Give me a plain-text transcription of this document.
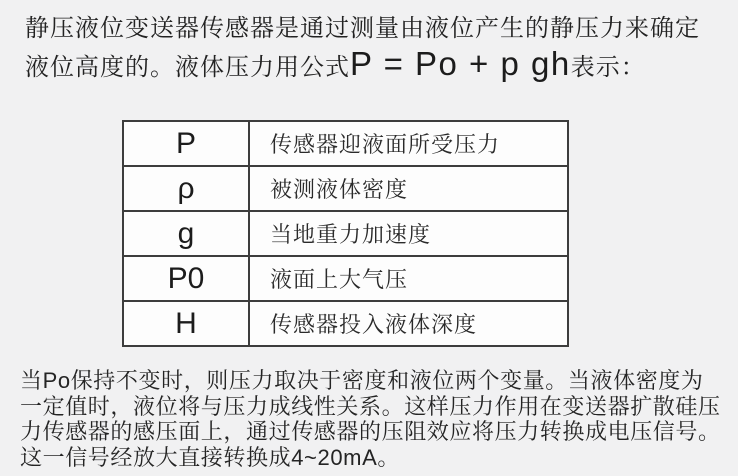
静压液位变送器传感器是通过测量由液位产生的静压力来确定
液位高度的。液体压力用公式 P = Po + p gh 表示：
P	传感器迎液面所受压力
ρ	被测液体密度
g	当地重力加速度
P0	液面上大气压
H	传感器投入液体深度
当Po保持不变时，则压力取决于密度和液位两个变量。当液体密度为
一定值时，液位将与压力成线性关系。这样压力作用在变送器扩散硅压
力传感器的感压面上，通过传感器的压阻效应将压力转换成电压信号。
这一信号经放大直接转换成4~20mA。
